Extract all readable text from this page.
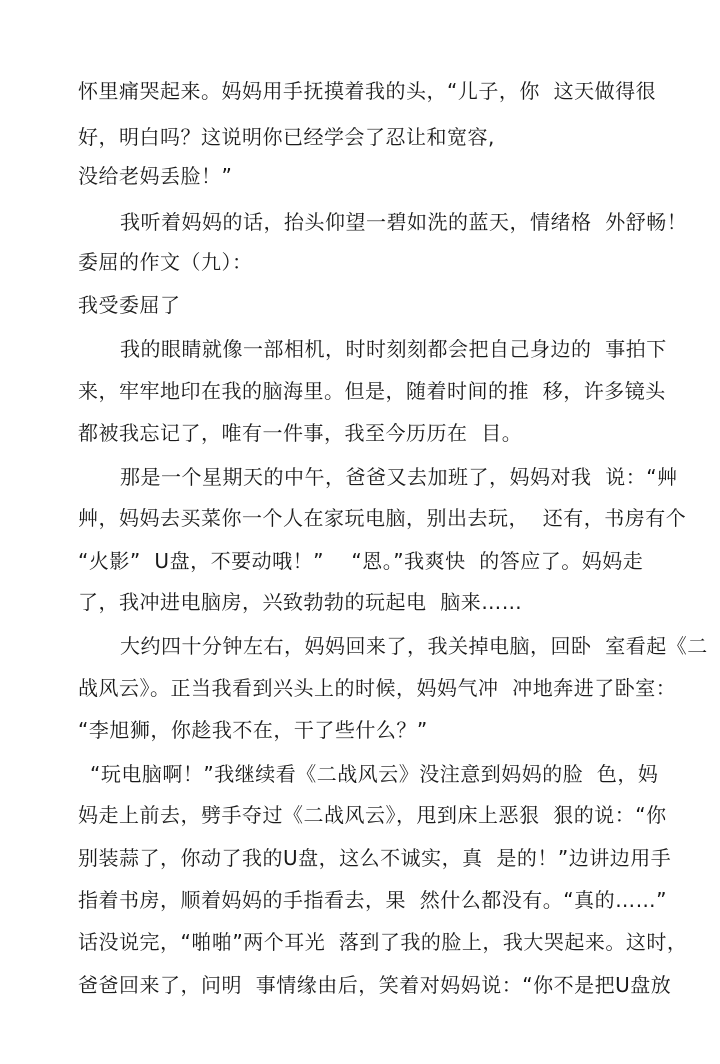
怀里痛哭起来。妈妈用手抚摸着我的头，“儿子，你  这天做得很
好，明白吗？这说明你已经学会了忍让和宽容,
没给老妈丢脸！”
我听着妈妈的话，抬头仰望一碧如洗的蓝天，情绪格  外舒畅！
委屈的作文（九）：
我受委屈了
我的眼睛就像一部相机，时时刻刻都会把自己身边的  事拍下
来，牢牢地印在我的脑海里。但是，随着时间的推  移，许多镜头
都被我忘记了，唯有一件事，我至今历历在  目。
那是一个星期天的中午，爸爸又去加班了，妈妈对我  说：“艸
艸，妈妈去买菜你一个人在家玩电脑，别出去玩，  还有，书房有个
“火影”  U盘，不要动哦！”    “恩。”我爽快  的答应了。妈妈走
了，我冲进电脑房，兴致勃勃的玩起电  脑来……
大约四十分钟左右，妈妈回来了，我关掉电脑，回卧  室看起《二
战风云》。正当我看到兴头上的时候，妈妈气冲  冲地奔进了卧室：
“李旭狮，你趁我不在，干了些什么？”
“玩电脑啊！”我继续看《二战风云》没注意到妈妈的脸  色，妈
妈走上前去，劈手夺过《二战风云》，甩到床上恶狠  狠的说：“你
别装蒜了，你动了我的U盘，这么不诚实，真  是的！”边讲边用手
指着书房，顺着妈妈的手指看去，果  然什么都没有。“真的……”
话没说完，“啪啪”两个耳光  落到了我的脸上，我大哭起来。这时，
爸爸回来了，问明  事情缘由后，笑着对妈妈说：“你不是把U盘放
